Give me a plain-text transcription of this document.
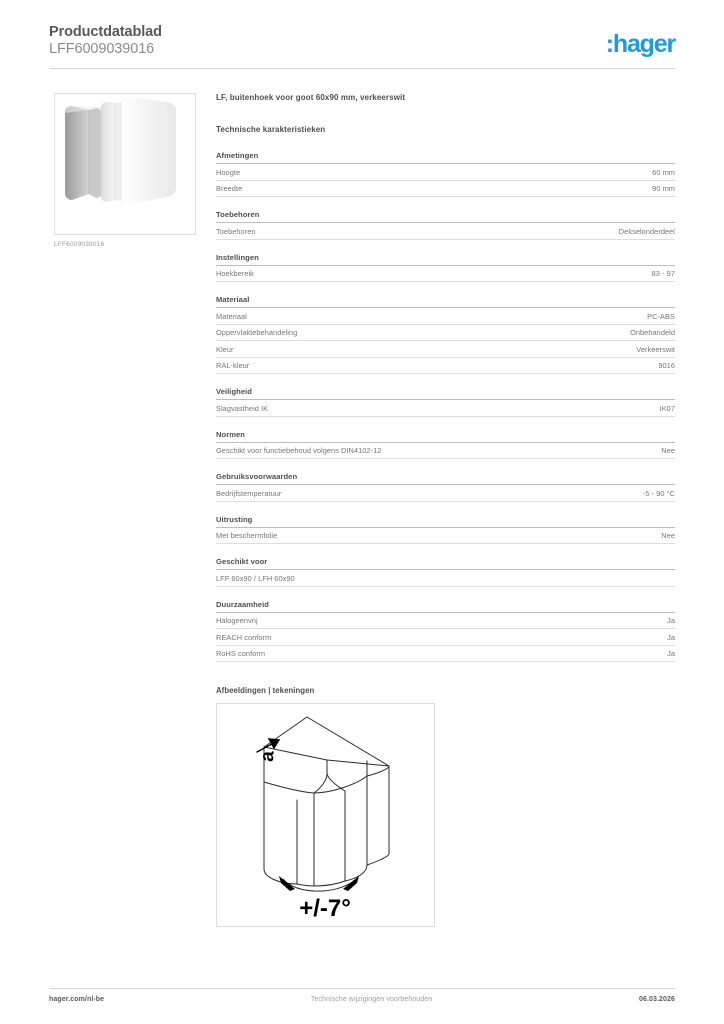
Productdatablad
LFF6009039016	:hager
LFF6009039016
LF, buitenhoek voor goot 60x90 mm, verkeerswit
Technische karakteristieken
Afmetingen
Hoogte	60 mm
Breedte	90 mm
Toebehoren
Toebehoren	Dekselonderdeel
Instellingen
Hoekbereik	83 - 97
Materiaal
Materiaal	PC-ABS
Oppervlaktebehandeling	Onbehandeld
Kleur	Verkeerswit
RAL-kleur	9016
Veiligheid
Slagvastheid IK	IK07
Normen
Geschikt voor functiebehoud volgens DIN4102-12	Nee
Gebruiksvoorwaarden
Bedrijfstemperatuur	-5 - 90 °C
Uitrusting
Met beschermfolie	Nee
Geschikt voor
LFF 60x90 / LFH 60x90
Duurzaamheid
Halogeenvrij	Ja
REACH conform	Ja
RoHS conform	Ja
Afbeeldingen | tekeningen
a
+/-7°
hager.com/nl-be	Technische wijzigingen voorbehouden	06.03.2026
